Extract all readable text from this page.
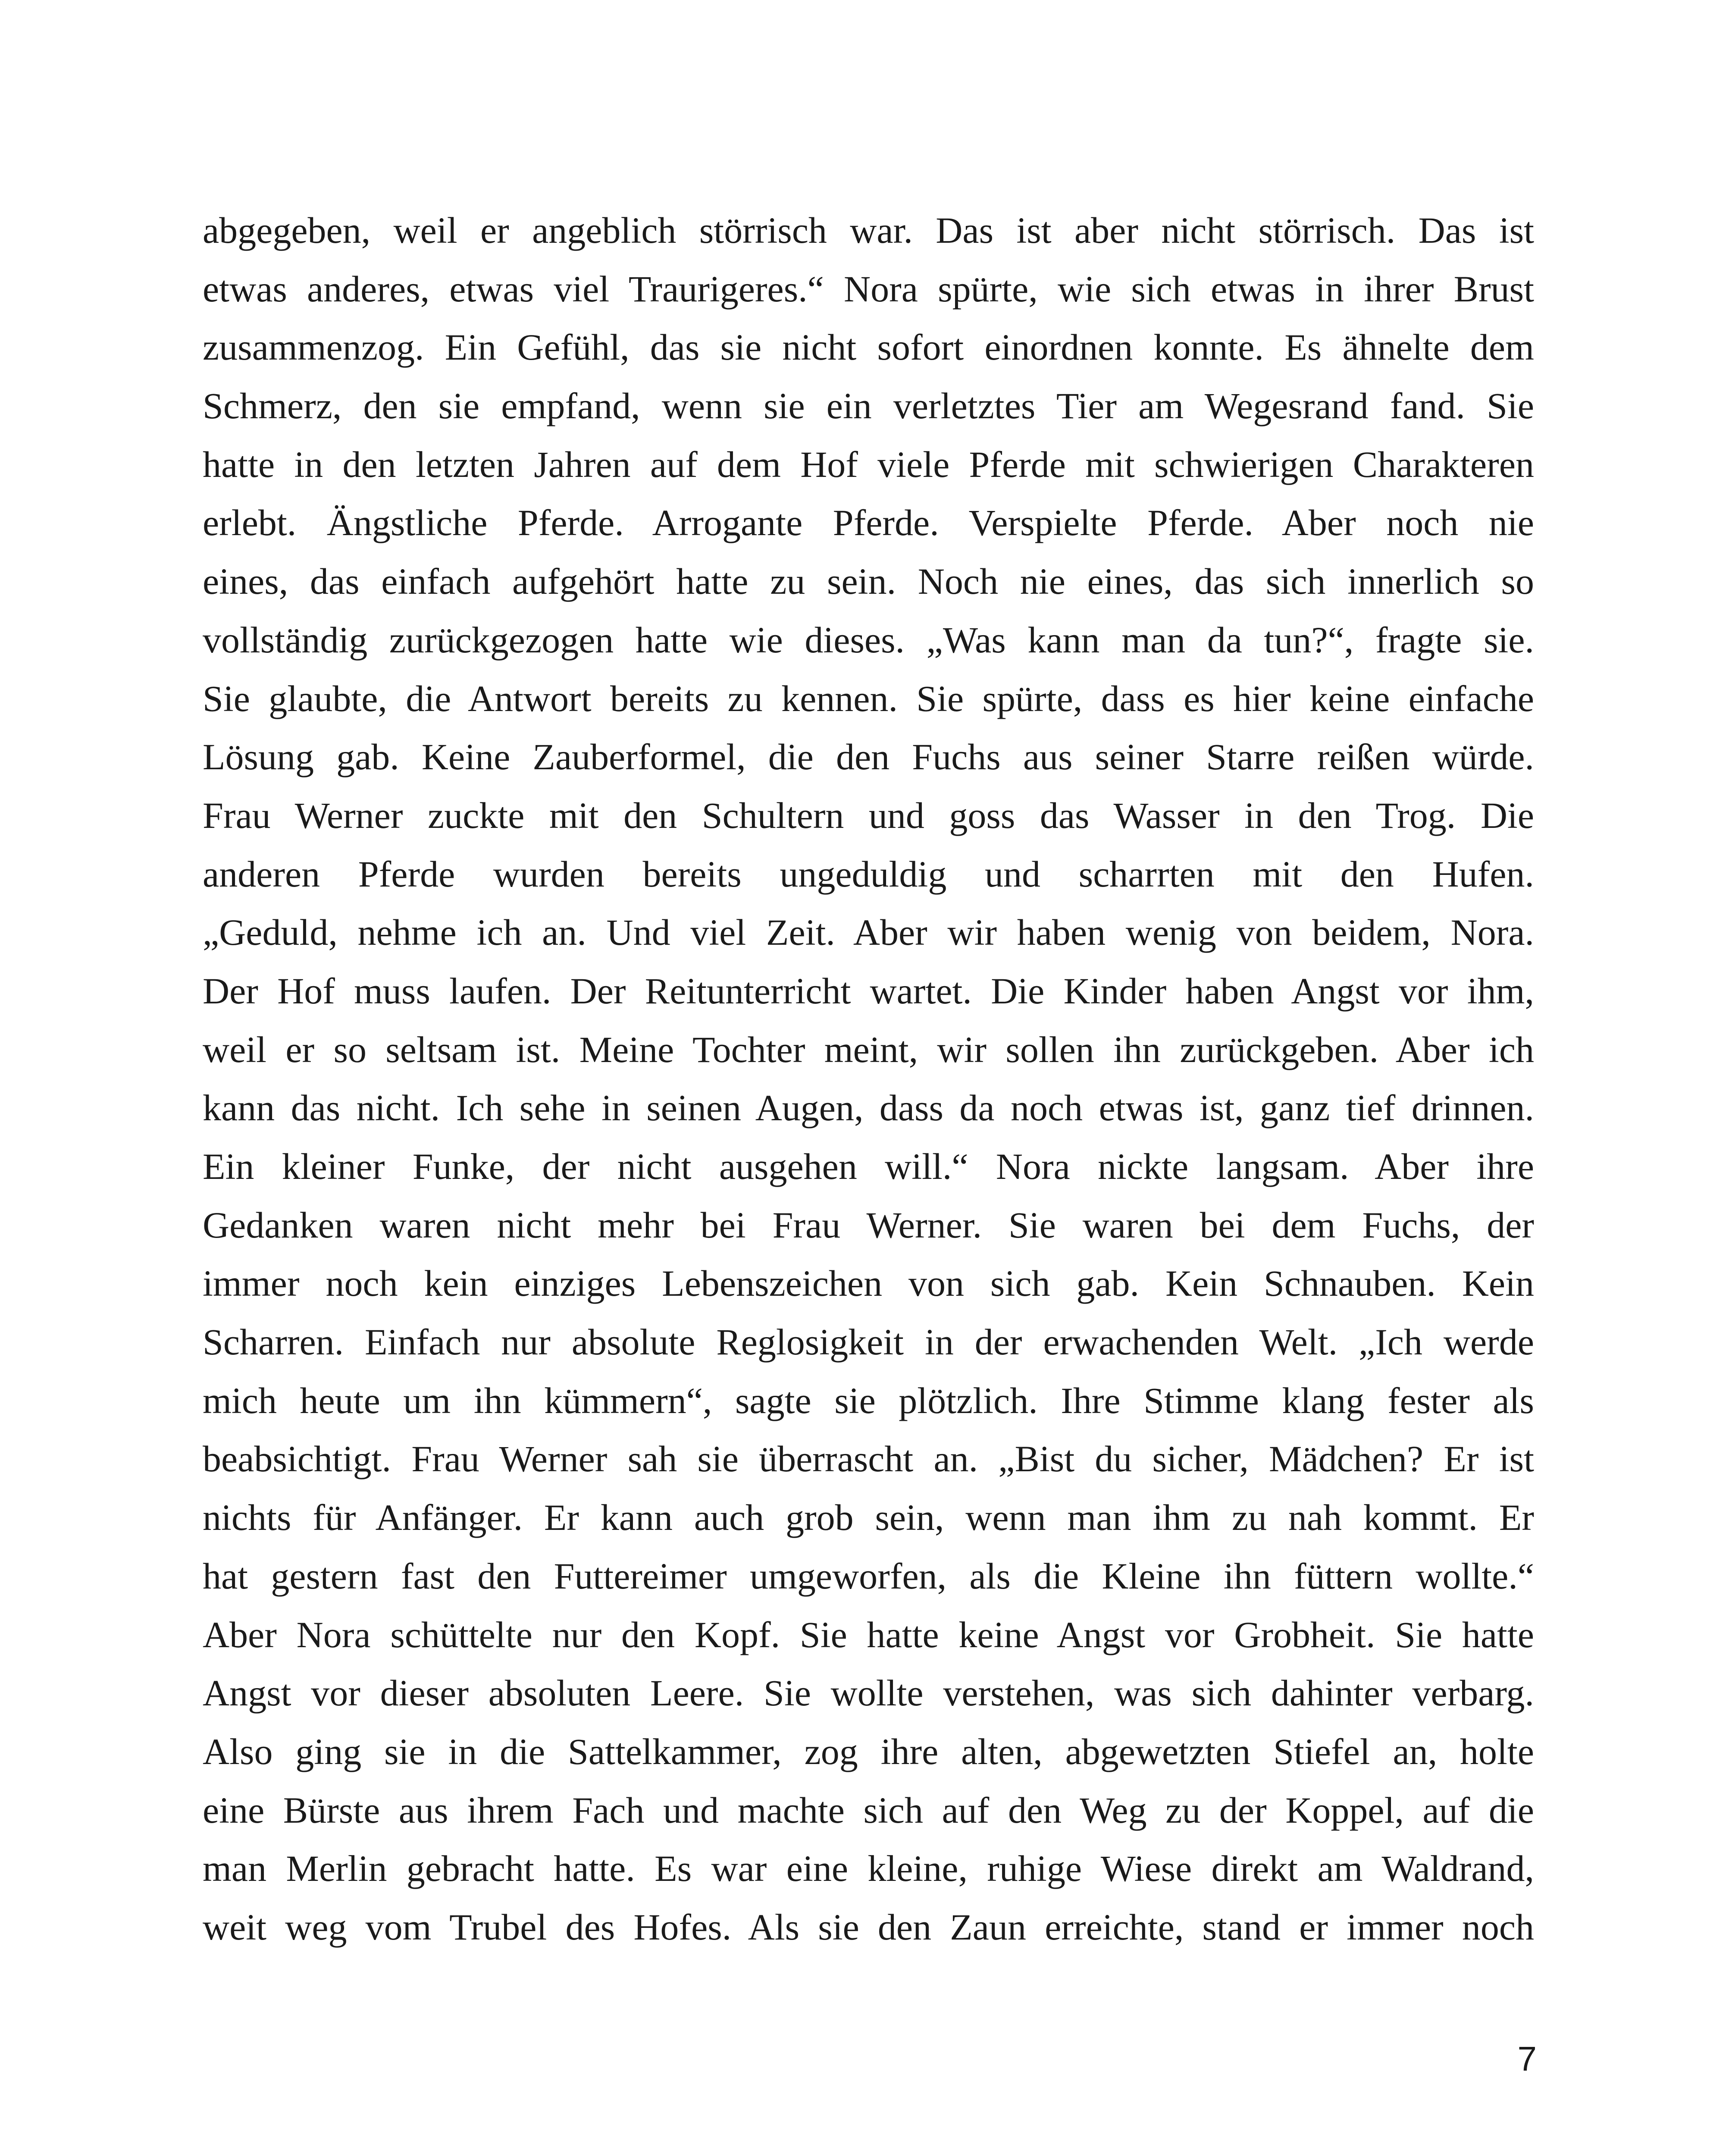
abgegeben, weil er angeblich störrisch war. Das ist aber nicht störrisch. Das ist
etwas anderes, etwas viel Traurigeres.“ Nora spürte, wie sich etwas in ihrer Brust
zusammenzog. Ein Gefühl, das sie nicht sofort einordnen konnte. Es ähnelte dem
Schmerz, den sie empfand, wenn sie ein verletztes Tier am Wegesrand fand. Sie
hatte in den letzten Jahren auf dem Hof viele Pferde mit schwierigen Charakteren
erlebt. Ängstliche Pferde. Arrogante Pferde. Verspielte Pferde. Aber noch nie
eines, das einfach aufgehört hatte zu sein. Noch nie eines, das sich innerlich so
vollständig zurückgezogen hatte wie dieses. „Was kann man da tun?“, fragte sie.
Sie glaubte, die Antwort bereits zu kennen. Sie spürte, dass es hier keine einfache
Lösung gab. Keine Zauberformel, die den Fuchs aus seiner Starre reißen würde.
Frau Werner zuckte mit den Schultern und goss das Wasser in den Trog. Die
anderen Pferde wurden bereits ungeduldig und scharrten mit den Hufen.
„Geduld, nehme ich an. Und viel Zeit. Aber wir haben wenig von beidem, Nora.
Der Hof muss laufen. Der Reitunterricht wartet. Die Kinder haben Angst vor ihm,
weil er so seltsam ist. Meine Tochter meint, wir sollen ihn zurückgeben. Aber ich
kann das nicht. Ich sehe in seinen Augen, dass da noch etwas ist, ganz tief drinnen.
Ein kleiner Funke, der nicht ausgehen will.“ Nora nickte langsam. Aber ihre
Gedanken waren nicht mehr bei Frau Werner. Sie waren bei dem Fuchs, der
immer noch kein einziges Lebenszeichen von sich gab. Kein Schnauben. Kein
Scharren. Einfach nur absolute Reglosigkeit in der erwachenden Welt. „Ich werde
mich heute um ihn kümmern“, sagte sie plötzlich. Ihre Stimme klang fester als
beabsichtigt. Frau Werner sah sie überrascht an. „Bist du sicher, Mädchen? Er ist
nichts für Anfänger. Er kann auch grob sein, wenn man ihm zu nah kommt. Er
hat gestern fast den Futtereimer umgeworfen, als die Kleine ihn füttern wollte.“
Aber Nora schüttelte nur den Kopf. Sie hatte keine Angst vor Grobheit. Sie hatte
Angst vor dieser absoluten Leere. Sie wollte verstehen, was sich dahinter verbarg.
Also ging sie in die Sattelkammer, zog ihre alten, abgewetzten Stiefel an, holte
eine Bürste aus ihrem Fach und machte sich auf den Weg zu der Koppel, auf die
man Merlin gebracht hatte. Es war eine kleine, ruhige Wiese direkt am Waldrand,
weit weg vom Trubel des Hofes. Als sie den Zaun erreichte, stand er immer noch
7
